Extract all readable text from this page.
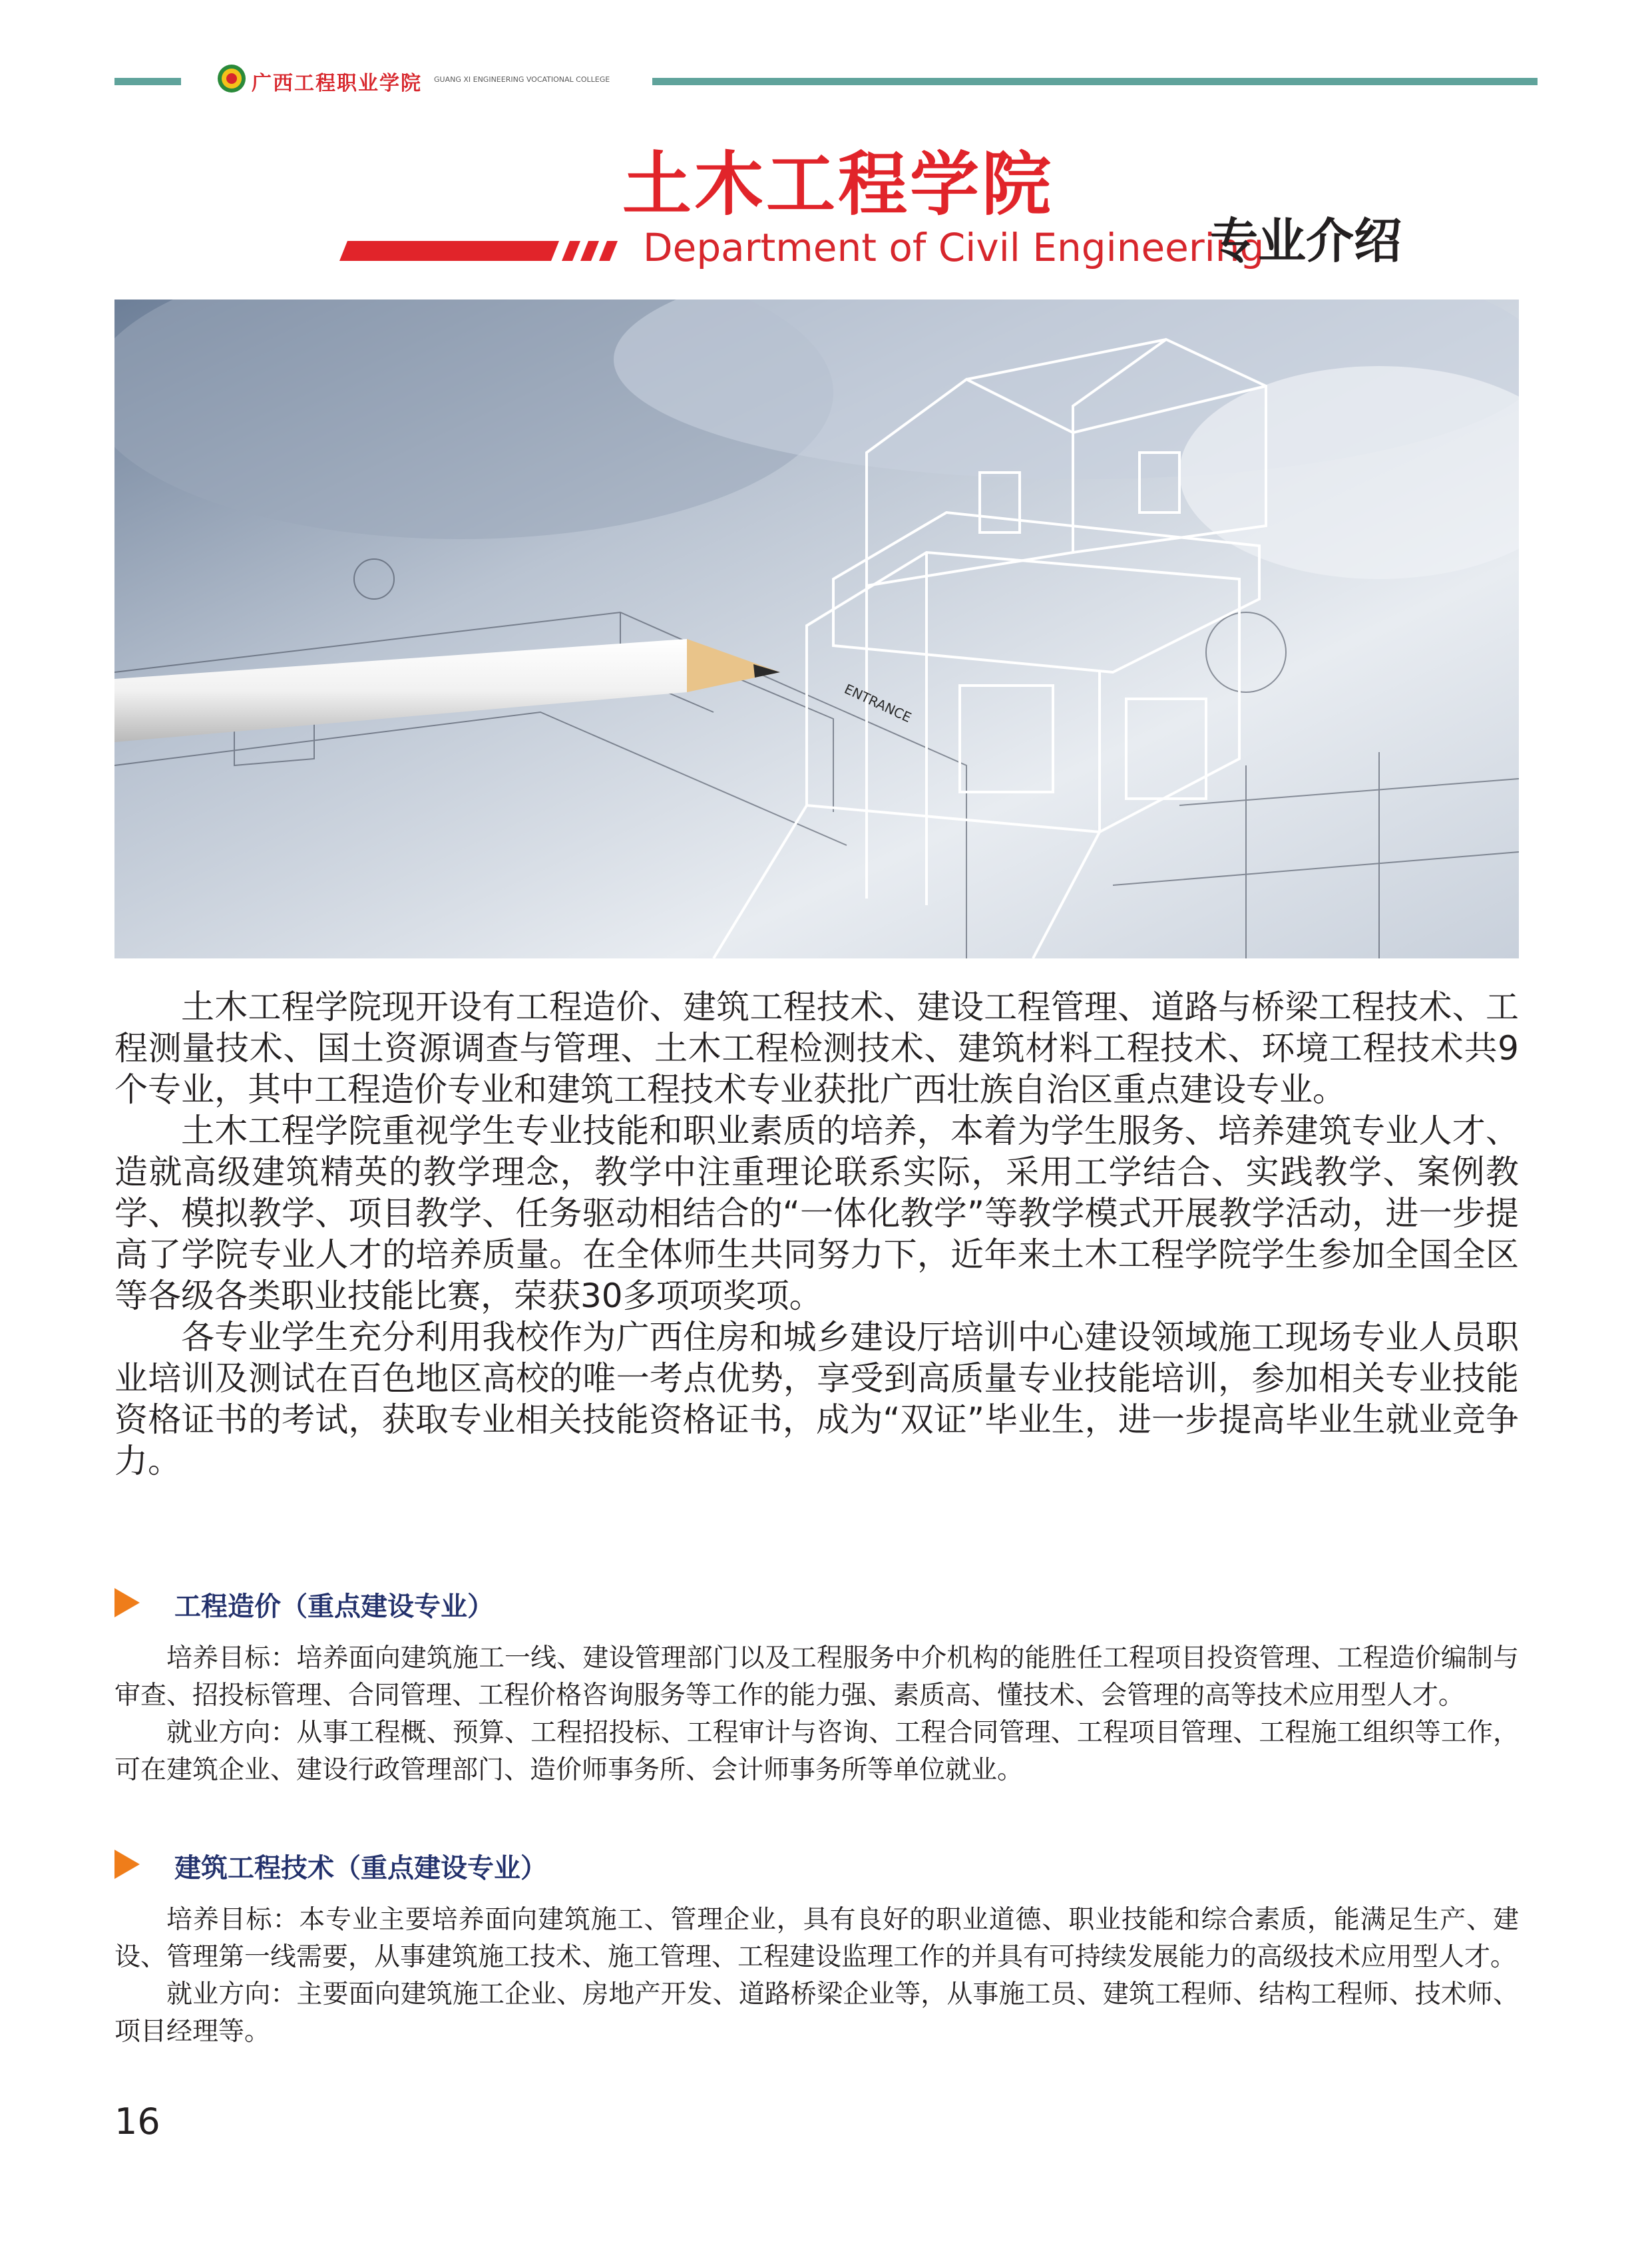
广西工程职业学院 GUANG XI ENGINEERING VOCATIONAL COLLEGE
土木工程学院
Department of Civil Engineering
专业介绍
ENTRANCE

土木工程学院现开设有工程造价、建筑工程技术、建设工程管理、道路与桥梁工程技术、工程测量技术、国土资源调查与管理、土木工程检测技术、建筑材料工程技术、环境工程技术共9个专业，其中工程造价专业和建筑工程技术专业获批广西壮族自治区重点建设专业。

土木工程学院重视学生专业技能和职业素质的培养，本着为学生服务、培养建筑专业人才、造就高级建筑精英的教学理念，教学中注重理论联系实际，采用工学结合、实践教学、案例教学、模拟教学、项目教学、任务驱动相结合的“一体化教学”等教学模式开展教学活动，进一步提高了学院专业人才的培养质量。在全体师生共同努力下，近年来土木工程学院学生参加全国全区等各级各类职业技能比赛，荣获30多项项奖项。

各专业学生充分利用我校作为广西住房和城乡建设厅培训中心建设领域施工现场专业人员职业培训及测试在百色地区高校的唯一考点优势，享受到高质量专业技能培训，参加相关专业技能资格证书的考试，获取专业相关技能资格证书，成为“双证”毕业生，进一步提高毕业生就业竞争力。

工程造价（重点建设专业）

培养目标：培养面向建筑施工一线、建设管理部门以及工程服务中介机构的能胜任工程项目投资管理、工程造价编制与审查、招投标管理、合同管理、工程价格咨询服务等工作的能力强、素质高、懂技术、会管理的高等技术应用型人才。

就业方向：从事工程概、预算、工程招投标、工程审计与咨询、工程合同管理、工程项目管理、工程施工组织等工作，可在建筑企业、建设行政管理部门、造价师事务所、会计师事务所等单位就业。

建筑工程技术（重点建设专业）

培养目标：本专业主要培养面向建筑施工、管理企业，具有良好的职业道德、职业技能和综合素质，能满足生产、建设、管理第一线需要，从事建筑施工技术、施工管理、工程建设监理工作的并具有可持续发展能力的高级技术应用型人才。

就业方向：主要面向建筑施工企业、房地产开发、道路桥梁企业等，从事施工员、建筑工程师、结构工程师、技术师、项目经理等。

16
